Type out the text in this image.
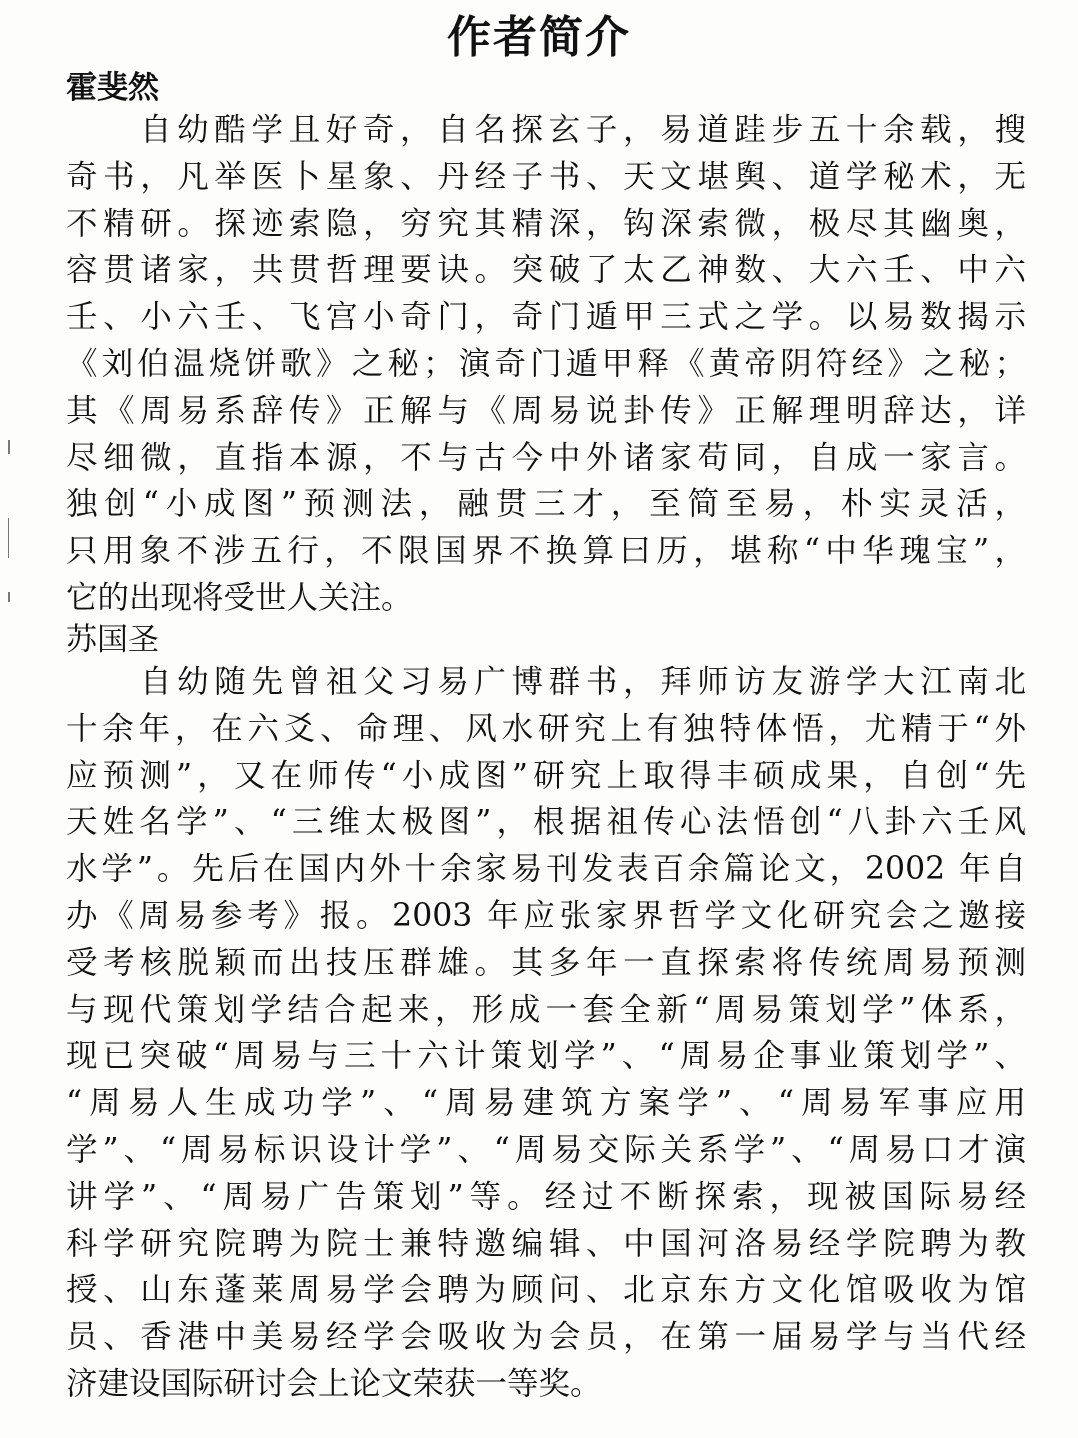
作者简介
霍斐然
自幼酷学且好奇，自名探玄子，易道跬步五十余载，搜
奇书，凡举医卜星象、丹经子书、天文堪舆、道学秘术，无
不精研。探迹索隐，穷究其精深，钩深索微，极尽其幽奥，
容贯诸家，共贯哲理要诀。突破了太乙神数、大六壬、中六
壬、小六壬、飞宫小奇门，奇门遁甲三式之学。以易数揭示
《刘伯温烧饼歌》之秘；演奇门遁甲释《黄帝阴符经》之秘；
其《周易系辞传》正解与《周易说卦传》正解理明辞达，详
尽细微，直指本源，不与古今中外诸家苟同，自成一家言。
独创“小成图”预测法，融贯三才，至简至易，朴实灵活，
只用象不涉五行，不限国界不换算曰历，堪称“中华瑰宝”，
它的出现将受世人关注。
苏国圣
自幼随先曾祖父习易广博群书，拜师访友游学大江南北
十余年，在六爻、命理、风水研究上有独特体悟，尤精于“外
应预测”，又在师传“小成图”研究上取得丰硕成果，自创“先
天姓名学”、“三维太极图”，根据祖传心法悟创“八卦六壬风
水学”。先后在国内外十余家易刊发表百余篇论文，2002 年自
办《周易参考》报。2003 年应张家界哲学文化研究会之邀接
受考核脱颖而出技压群雄。其多年一直探索将传统周易预测
与现代策划学结合起来，形成一套全新“周易策划学”体系，
现已突破“周易与三十六计策划学”、“周易企事业策划学”、
“周易人生成功学”、“周易建筑方案学”、“周易军事应用
学”、“周易标识设计学”、“周易交际关系学”、“周易口才演
讲学”、“周易广告策划”等。经过不断探索，现被国际易经
科学研究院聘为院士兼特邀编辑、中国河洛易经学院聘为教
授、山东蓬莱周易学会聘为顾问、北京东方文化馆吸收为馆
员、香港中美易经学会吸收为会员，在第一届易学与当代经
济建设国际研讨会上论文荣获一等奖。
